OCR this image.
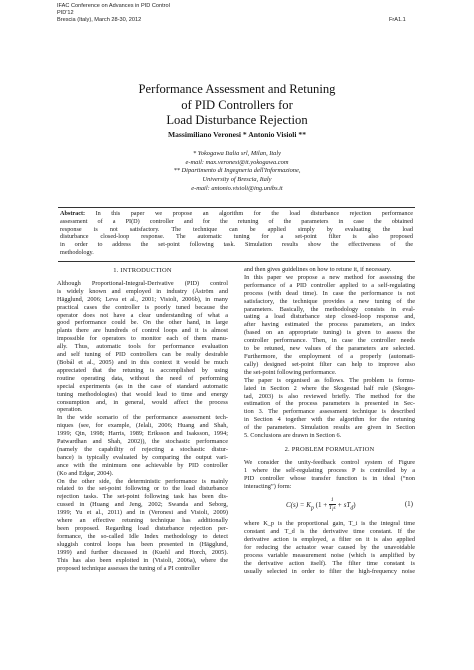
IFAC Conference on Advances in PID Control
PID'12
Brescia (Italy), March 28-30, 2012	FrA1.1
Performance Assessment and Retuning
of PID Controllers for
Load Disturbance Rejection
Massimiliano Veronesi * Antonio Visioli **
* Yokogawa Italia srl, Milan, Italy
e-mail: max.veronesi@it.yokogawa.com
** Dipartimento di Ingegneria dell'Informazione,
University of Brescia, Italy
e-mail: antonio.visioli@ing.unibs.it
Abstract: In this paper we propose an algorithm for the load disturbance rejection performance
assessment of a PI(D) controller and for the retuning of the parameters in case the obtained
response is not satisfactory. The technique can be applied simply by evaluating the load
disturbance closed-loop response. The automatic tuning for a set-point filter is also proposed
in order to address the set-point following task. Simulation results show the effectiveness of the
methodology.
1. INTRODUCTION
Although Proportional-Integral-Derivative (PID) control
is widely known and employed in industry (Åström and
Hägglund, 2006; Leva et al., 2001; Visioli, 2006b), in many
practical cases the controller is poorly tuned because the
operator does not have a clear understanding of what a
good performance could be. On the other hand, in large
plants there are hundreds of control loops and it is almost
impossible for operators to monitor each of them manu-
ally. Thus, automatic tools for performance evaluation
and self tuning of PID controllers can be really desirable
(Bobál et al., 2005) and in this context it would be much
appreciated that the retuning is accomplished by using
routine operating data, without the need of performing
special experiments (as in the case of standard automatic
tuning methodologies) that would lead to time and energy
consumption and, in general, would affect the process
operation.
In the wide scenario of the performance assessment tech-
niques (see, for example, (Jelali, 2006; Huang and Shah,
1999; Qin, 1998; Harris, 1989; Eriksson and Isaksson, 1994;
Patwardhan and Shah, 2002)), the stochastic performance
(namely the capability of rejecting a stochastic distur-
bance) is typically evaluated by comparing the output vari-
ance with the minimum one achievable by PID controller
(Ko and Edgar, 2004).
On the other side, the deterministic performance is mainly
related to the set-point following or to the load disturbance
rejection tasks. The set-point following task has been dis-
cussed in (Huang and Jeng, 2002; Swanda and Seborg,
1999; Yu et al., 2011) and in (Veronesi and Visioli, 2009)
where an effective retuning technique has additionally
been proposed. Regarding load disturbance rejection per-
formance, the so-called Idle Index methodology to detect
sluggish control loops has been presented in (Hägglund,
1999) and further discussed in (Kuehl and Horch, 2005).
This has also been exploited in (Visioli, 2006a), where the
proposed technique assesses the tuning of a PI controller
and then gives guidelines on how to retune it, if necessary.
In this paper we propose a new method for assessing the
performance of a PID controller applied to a self-regulating
process (with dead time). In case the performance is not
satisfactory, the technique provides a new tuning of the
parameters. Basically, the methodology consists in eval-
uating a load disturbance step closed-loop response and,
after having estimated the process parameters, an index
(based on an appropriate tuning) is given to assess the
controller performance. Then, in case the controller needs
to be retuned, new values of the parameters are selected.
Furthermore, the employment of a properly (automati-
cally) designed set-point filter can help to improve also
the set-point following performance.
The paper is organised as follows. The problem is formu-
lated in Section 2 where the Skogestad half rule (Skoges-
tad, 2003) is also reviewed briefly. The method for the
estimation of the process parameters is presented in Sec-
tion 3. The performance assessment technique is described
in Section 4 together with the algorithm for the retuning
of the parameters. Simulation results are given in Section
5. Conclusions are drawn in Section 6.
2. PROBLEM FORMULATION
We consider the unity-feedback control system of Figure
1 where the self-regulating process P is controlled by a
PID controller whose transfer function is in ideal (“non
interacting”) form:
$C(s) = K_p$ $(1 + \frac{1}{T_is} + sT_d)$	(1)
where K_p is the proportional gain, T_i is the integral time
constant and T_d is the derivative time constant. If the
derivative action is employed, a filter on it is also applied
for reducing the actuator wear caused by the unavoidable
process variable measurement noise (which is amplified by
the derivative action itself). The filter time constant is
usually selected in order to filter the high-frequency noise
